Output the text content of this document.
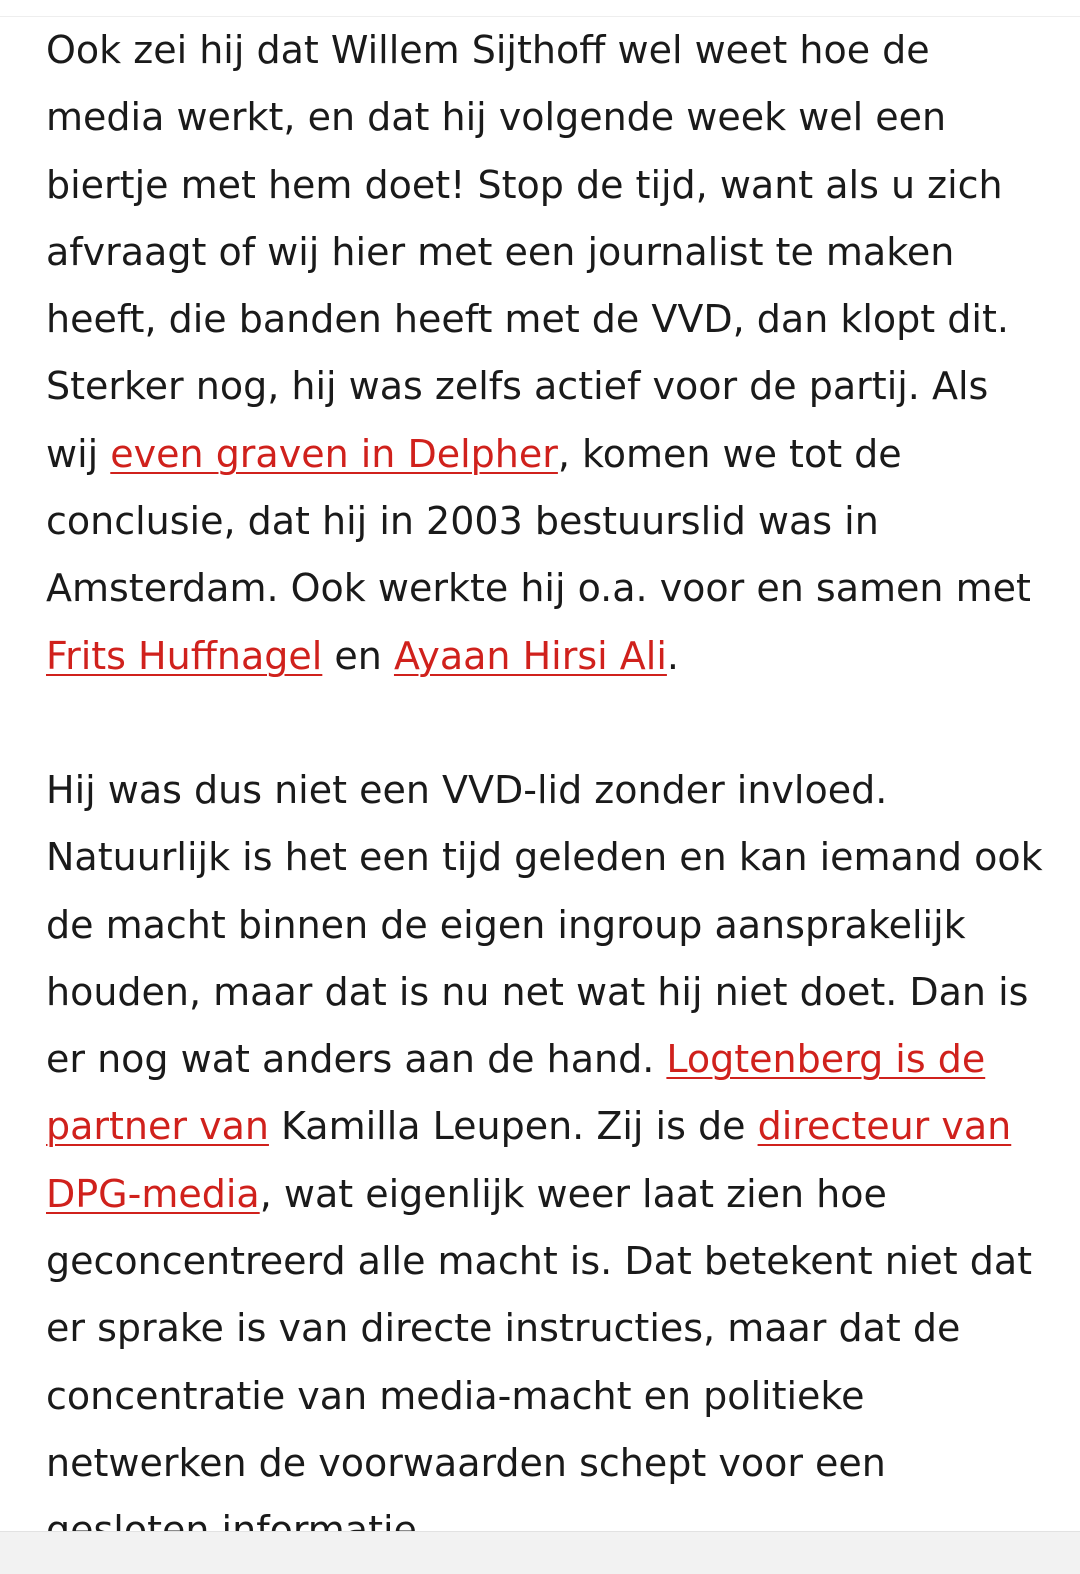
Ook zei hij dat Willem Sijthoff wel weet hoe de media werkt, en dat hij volgende week wel een biertje met hem doet! Stop de tijd, want als u zich afvraagt of wij hier met een journalist te maken heeft, die banden heeft met de VVD, dan klopt dit. Sterker nog, hij was zelfs actief voor de partij. Als wij even graven in Delpher, komen we tot de conclusie, dat hij in 2003 bestuurslid was in Amsterdam. Ook werkte hij o.a. voor en samen met Frits Huffnagel en Ayaan Hirsi Ali.

Hij was dus niet een VVD-lid zonder invloed. Natuurlijk is het een tijd geleden en kan iemand ook de macht binnen de eigen ingroup aansprakelijk houden, maar dat is nu net wat hij niet doet. Dan is er nog wat anders aan de hand. Logtenberg is de partner van Kamilla Leupen. Zij is de directeur van DPG-media, wat eigenlijk weer laat zien hoe geconcentreerd alle macht is. Dat betekent niet dat er sprake is van directe instructies, maar dat de concentratie van media-macht en politieke netwerken de voorwaarden schept voor een
